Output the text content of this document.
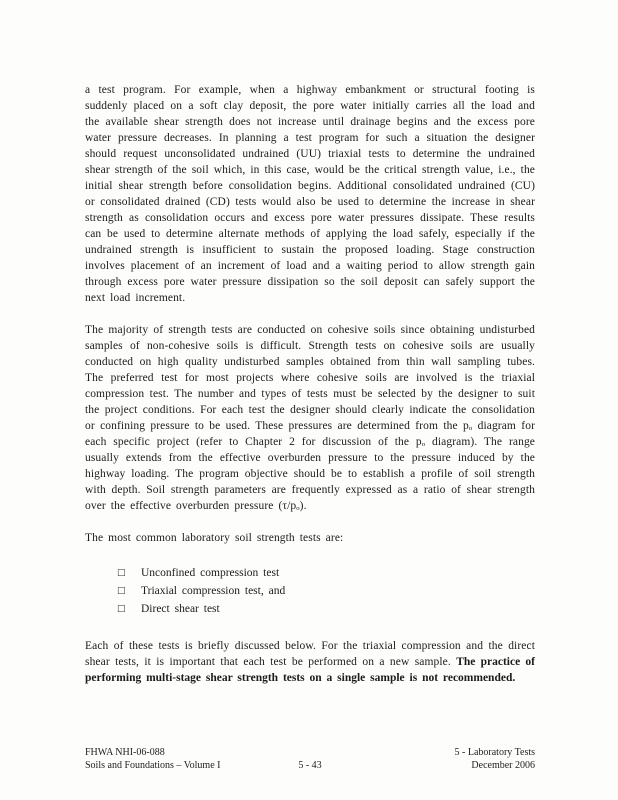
a test program. For example, when a highway embankment or structural footing is suddenly placed on a soft clay deposit, the pore water initially carries all the load and the available shear strength does not increase until drainage begins and the excess pore water pressure decreases. In planning a test program for such a situation the designer should request unconsolidated undrained (UU) triaxial tests to determine the undrained shear strength of the soil which, in this case, would be the critical strength value, i.e., the initial shear strength before consolidation begins. Additional consolidated undrained (CU) or consolidated drained (CD) tests would also be used to determine the increase in shear strength as consolidation occurs and excess pore water pressures dissipate. These results can be used to determine alternate methods of applying the load safely, especially if the undrained strength is insufficient to sustain the proposed loading. Stage construction involves placement of an increment of load and a waiting period to allow strength gain through excess pore water pressure dissipation so the soil deposit can safely support the next load increment.

The majority of strength tests are conducted on cohesive soils since obtaining undisturbed samples of non-cohesive soils is difficult. Strength tests on cohesive soils are usually conducted on high quality undisturbed samples obtained from thin wall sampling tubes. The preferred test for most projects where cohesive soils are involved is the triaxial compression test. The number and types of tests must be selected by the designer to suit the project conditions. For each test the designer should clearly indicate the consolidation or confining pressure to be used. These pressures are determined from the pₒ diagram for each specific project (refer to Chapter 2 for discussion of the pₒ diagram). The range usually extends from the effective overburden pressure to the pressure induced by the highway loading. The program objective should be to establish a profile of soil strength with depth. Soil strength parameters are frequently expressed as a ratio of shear strength over the effective overburden pressure (τ/pₒ).

The most common laboratory soil strength tests are:

□ Unconfined compression test
□ Triaxial compression test, and
□ Direct shear test

Each of these tests is briefly discussed below. For the triaxial compression and the direct shear tests, it is important that each test be performed on a new sample. The practice of performing multi-stage shear strength tests on a single sample is not recommended.

FHWA NHI-06-088	5 - Laboratory Tests
Soils and Foundations – Volume I	5 - 43	December 2006
